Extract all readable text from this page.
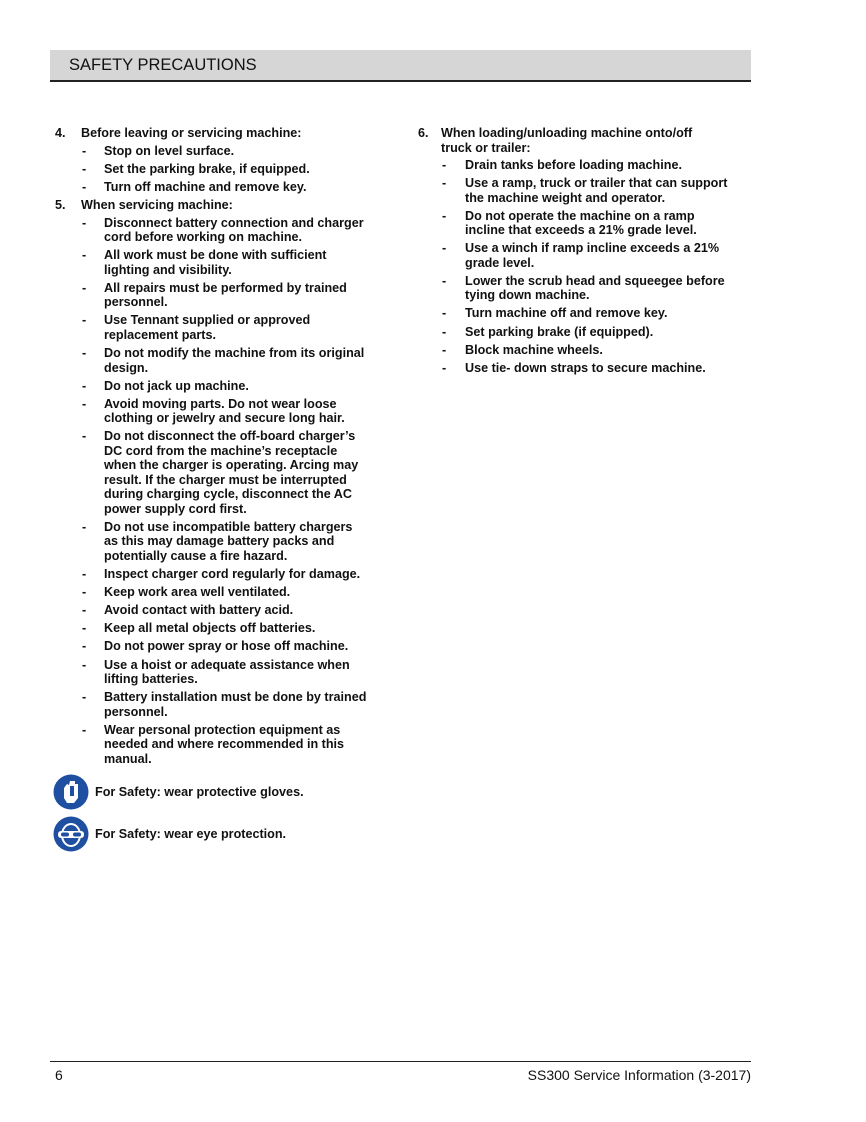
SAFETY PRECAUTIONS
4. Before leaving or servicing machine:
- Stop on level surface.
- Set the parking brake, if equipped.
- Turn off machine and remove key.
5. When servicing machine:
- Disconnect battery connection and charger
cord before working on machine.
- All work must be done with sufficient
lighting and visibility.
- All repairs must be performed by trained
personnel.
- Use Tennant supplied or approved
replacement parts.
- Do not modify the machine from its original
design.
- Do not jack up machine.
- Avoid moving parts. Do not wear loose
clothing or jewelry and secure long hair.
- Do not disconnect the off-board charger’s
DC cord from the machine’s receptacle
when the charger is operating. Arcing may
result. If the charger must be interrupted
during charging cycle, disconnect the AC
power supply cord first.
- Do not use incompatible battery chargers
as this may damage battery packs and
potentially cause a fire hazard.
- Inspect charger cord regularly for damage.
- Keep work area well ventilated.
- Avoid contact with battery acid.
- Keep all metal objects off batteries.
- Do not power spray or hose off machine.
- Use a hoist or adequate assistance when
lifting batteries.
- Battery installation must be done by trained
personnel.
- Wear personal protection equipment as
needed and where recommended in this
manual.
6. When loading/unloading machine onto/off
truck or trailer:
- Drain tanks before loading machine.
- Use a ramp, truck or trailer that can support
the machine weight and operator.
- Do not operate the machine on a ramp
incline that exceeds a 21% grade level.
- Use a winch if ramp incline exceeds a 21%
grade level.
- Lower the scrub head and squeegee before
tying down machine.
- Turn machine off and remove key.
- Set parking brake (if equipped).
- Block machine wheels.
- Use tie- down straps to secure machine.
For Safety: wear protective gloves.
For Safety: wear eye protection.
6	SS300 Service Information (3-2017)
